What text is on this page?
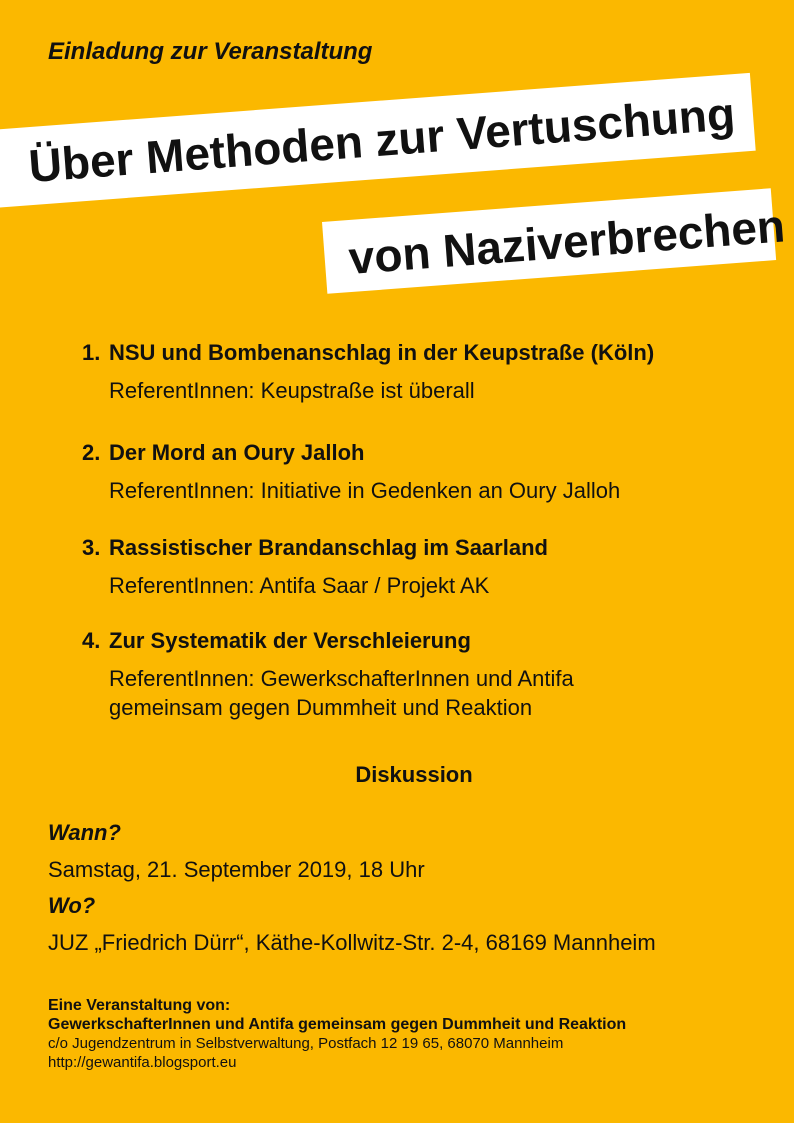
Einladung zur Veranstaltung

Über Methoden zur Vertuschung
von Naziverbrechen
1. NSU und Bombenanschlag in der Keupstraße (Köln)
ReferentInnen: Keupstraße ist überall
2. Der Mord an Oury Jalloh
ReferentInnen: Initiative in Gedenken an Oury Jalloh
3. Rassistischer Brandanschlag im Saarland
ReferentInnen: Antifa Saar / Projekt AK
4. Zur Systematik der Verschleierung
ReferentInnen: GewerkschafterInnen und Antifa gemeinsam gegen Dummheit und Reaktion

Diskussion

Wann?

Samstag, 21. September 2019, 18 Uhr

Wo?

JUZ „Friedrich Dürr“, Käthe-Kollwitz-Str. 2-4, 68169 Mannheim

Eine Veranstaltung von:
GewerkschafterInnen und Antifa gemeinsam gegen Dummheit und Reaktion
c/o Jugendzentrum in Selbstverwaltung, Postfach 12 19 65, 68070 Mannheim
http://gewantifa.blogsport.eu
